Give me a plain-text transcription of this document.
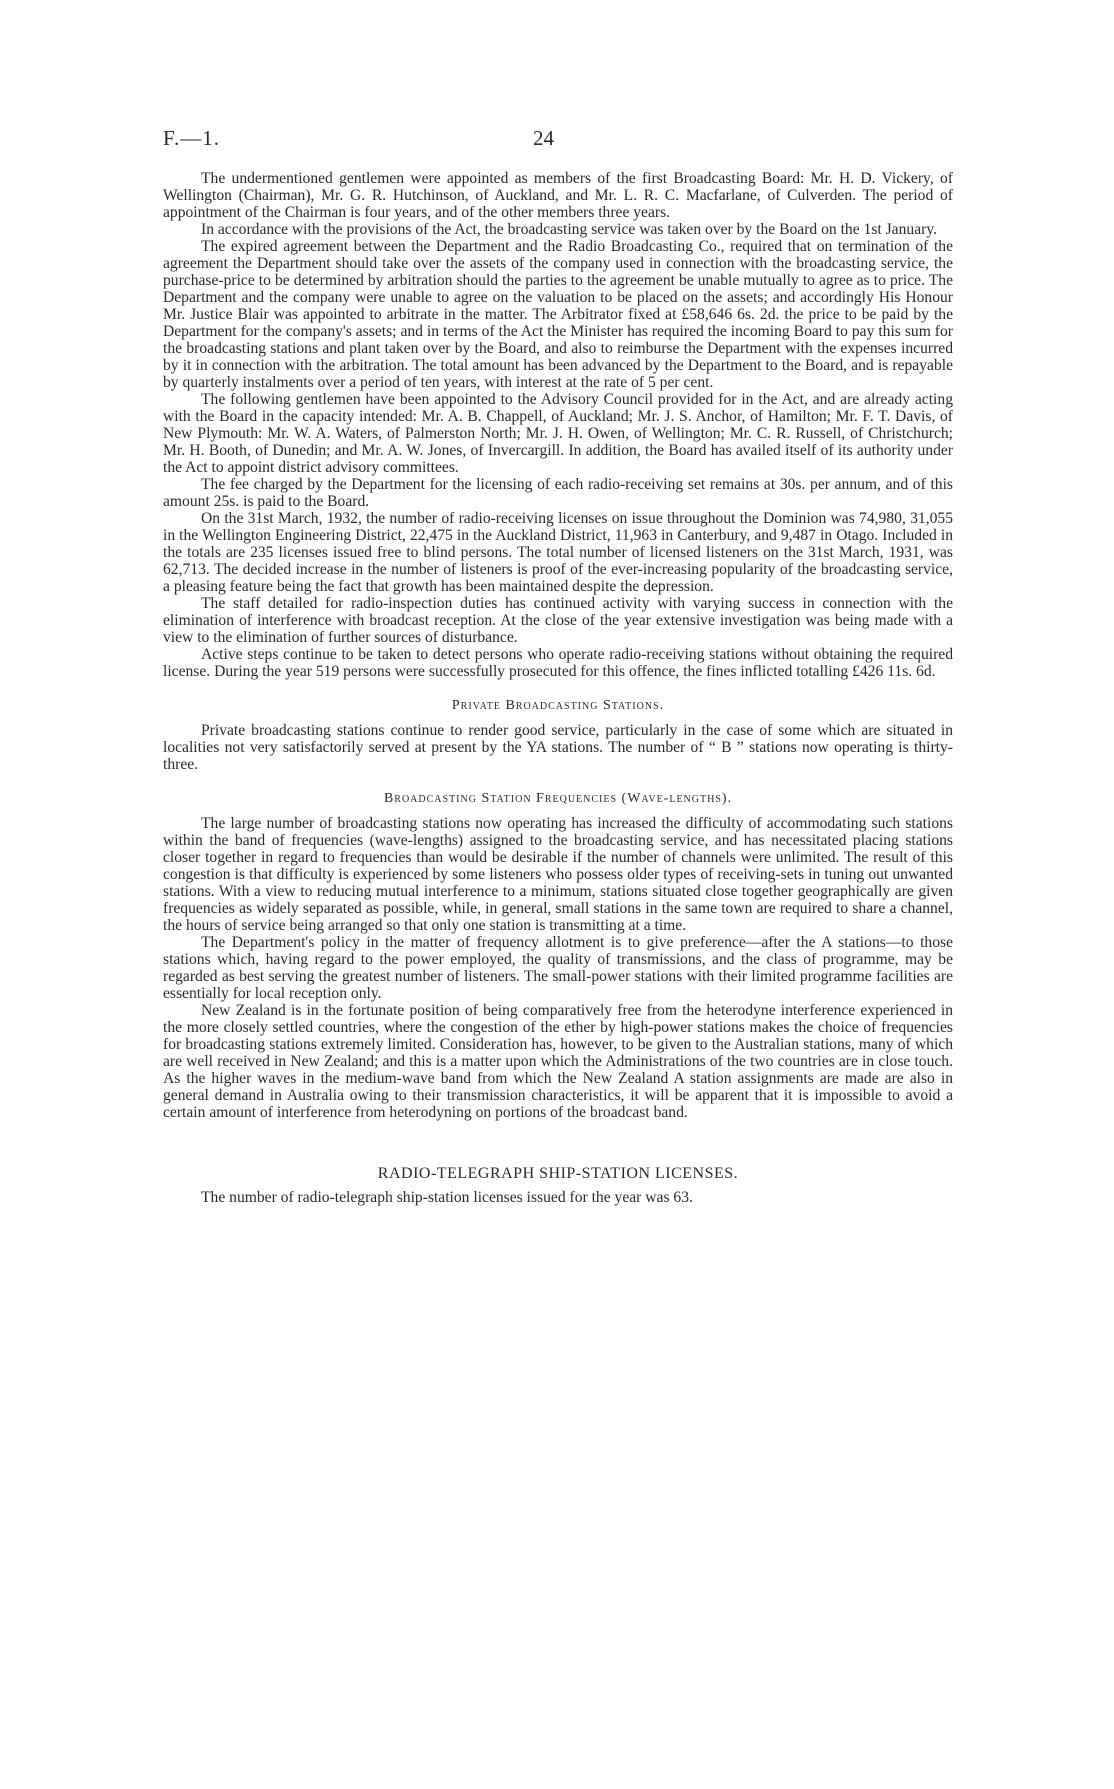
F.—1.	24

The undermentioned gentlemen were appointed as members of the first Broadcasting Board: Mr. H. D. Vickery, of Wellington (Chairman), Mr. G. R. Hutchinson, of Auckland, and Mr. L. R. C. Macfarlane, of Culverden. The period of appointment of the Chairman is four years, and of the other members three years.

In accordance with the provisions of the Act, the broadcasting service was taken over by the Board on the 1st January.

The expired agreement between the Department and the Radio Broadcasting Co., required that on termination of the agreement the Department should take over the assets of the company used in connection with the broadcasting service, the purchase-price to be determined by arbitration should the parties to the agreement be unable mutually to agree as to price. The Department and the company were unable to agree on the valuation to be placed on the assets; and accordingly His Honour Mr. Justice Blair was appointed to arbitrate in the matter. The Arbitrator fixed at £58,646 6s. 2d. the price to be paid by the Department for the company's assets; and in terms of the Act the Minister has required the incoming Board to pay this sum for the broadcasting stations and plant taken over by the Board, and also to reimburse the Department with the expenses incurred by it in connection with the arbitration. The total amount has been advanced by the Department to the Board, and is repayable by quarterly instalments over a period of ten years, with interest at the rate of 5 per cent.

The following gentlemen have been appointed to the Advisory Council provided for in the Act, and are already acting with the Board in the capacity intended: Mr. A. B. Chappell, of Auckland; Mr. J. S. Anchor, of Hamilton; Mr. F. T. Davis, of New Plymouth: Mr. W. A. Waters, of Palmerston North; Mr. J. H. Owen, of Wellington; Mr. C. R. Russell, of Christchurch; Mr. H. Booth, of Dunedin; and Mr. A. W. Jones, of Invercargill. In addition, the Board has availed itself of its authority under the Act to appoint district advisory committees.

The fee charged by the Department for the licensing of each radio-receiving set remains at 30s. per annum, and of this amount 25s. is paid to the Board.

On the 31st March, 1932, the number of radio-receiving licenses on issue throughout the Dominion was 74,980, 31,055 in the Wellington Engineering District, 22,475 in the Auckland District, 11,963 in Canterbury, and 9,487 in Otago. Included in the totals are 235 licenses issued free to blind persons. The total number of licensed listeners on the 31st March, 1931, was 62,713. The decided increase in the number of listeners is proof of the ever-increasing popularity of the broadcasting service, a pleasing feature being the fact that growth has been maintained despite the depression.

The staff detailed for radio-inspection duties has continued activity with varying success in connection with the elimination of interference with broadcast reception. At the close of the year extensive investigation was being made with a view to the elimination of further sources of disturbance.

Active steps continue to be taken to detect persons who operate radio-receiving stations without obtaining the required license. During the year 519 persons were successfully prosecuted for this offence, the fines inflicted totalling £426 11s. 6d.

Private Broadcasting Stations.

Private broadcasting stations continue to render good service, particularly in the case of some which are situated in localities not very satisfactorily served at present by the YA stations. The number of “ B ” stations now operating is thirty-three.

Broadcasting Station Frequencies (Wave-lengths).

The large number of broadcasting stations now operating has increased the difficulty of accommodating such stations within the band of frequencies (wave-lengths) assigned to the broadcasting service, and has necessitated placing stations closer together in regard to frequencies than would be desirable if the number of channels were unlimited. The result of this congestion is that difficulty is experienced by some listeners who possess older types of receiving-sets in tuning out unwanted stations. With a view to reducing mutual interference to a minimum, stations situated close together geographically are given frequencies as widely separated as possible, while, in general, small stations in the same town are required to share a channel, the hours of service being arranged so that only one station is transmitting at a time.

The Department's policy in the matter of frequency allotment is to give preference—after the A stations—to those stations which, having regard to the power employed, the quality of transmissions, and the class of programme, may be regarded as best serving the greatest number of listeners. The small-power stations with their limited programme facilities are essentially for local reception only.

New Zealand is in the fortunate position of being comparatively free from the heterodyne interference experienced in the more closely settled countries, where the congestion of the ether by high-power stations makes the choice of frequencies for broadcasting stations extremely limited. Consideration has, however, to be given to the Australian stations, many of which are well received in New Zealand; and this is a matter upon which the Administrations of the two countries are in close touch. As the higher waves in the medium-wave band from which the New Zealand A station assignments are made are also in general demand in Australia owing to their transmission characteristics, it will be apparent that it is impossible to avoid a certain amount of interference from heterodyning on portions of the broadcast band.

RADIO-TELEGRAPH SHIP-STATION LICENSES.

The number of radio-telegraph ship-station licenses issued for the year was 63.
